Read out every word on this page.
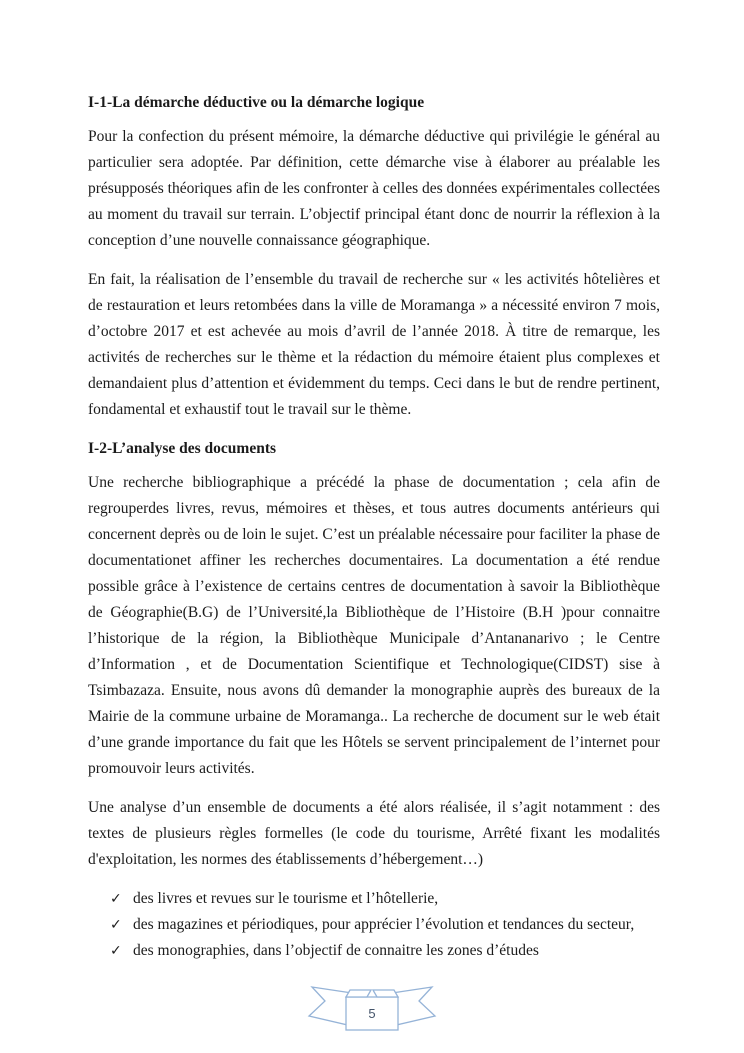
I-1-La démarche déductive ou la démarche logique

Pour la confection du présent mémoire, la démarche déductive qui privilégie le général au particulier sera adoptée. Par définition, cette démarche vise à élaborer au préalable les présupposés théoriques afin de les confronter à celles des données expérimentales collectées au moment du travail sur terrain. L’objectif principal étant donc de nourrir la réflexion à la conception d’une nouvelle connaissance géographique.

En fait, la réalisation de l’ensemble du travail de recherche sur « les activités hôtelières et de restauration et leurs retombées dans la ville de Moramanga » a nécessité environ 7 mois, d’octobre 2017 et est achevée au mois d’avril de l’année 2018. À titre de remarque, les activités de recherches sur le thème et la rédaction du mémoire étaient plus complexes et demandaient plus d’attention et évidemment du temps. Ceci dans le but de rendre pertinent, fondamental et exhaustif tout le travail sur le thème.

I-2-L’analyse des documents

Une recherche bibliographique a précédé la phase de documentation ; cela afin de regrouperdes livres, revus, mémoires et thèses, et tous autres documents antérieurs qui concernent deprès ou de loin le sujet. C’est un préalable nécessaire pour faciliter la phase de documentationet affiner les recherches documentaires. La documentation a été rendue possible grâce à l’existence de certains centres de documentation à savoir la Bibliothèque de Géographie(B.G) de l’Université,la Bibliothèque de l’Histoire (B.H )pour connaitre l’historique de la région, la Bibliothèque Municipale d’Antananarivo ; le Centre d’Information , et de Documentation Scientifique et Technologique(CIDST) sise à Tsimbazaza. Ensuite, nous avons dû demander la monographie auprès des bureaux de la Mairie de la commune urbaine de Moramanga.. La recherche de document sur le web était d’une grande importance du fait que les Hôtels se servent principalement de l’internet pour promouvoir leurs activités.

Une analyse d’un ensemble de documents a été alors réalisée, il s’agit notamment : des textes de plusieurs règles formelles (le code du tourisme, Arrêté fixant les modalités d'exploitation, les normes des établissements d’hébergement…)

✓ des livres et revues sur le tourisme et l’hôtellerie,
✓ des magazines et périodiques, pour apprécier l’évolution et tendances du secteur,
✓ des monographies, dans l’objectif de connaitre les zones d’études
5
